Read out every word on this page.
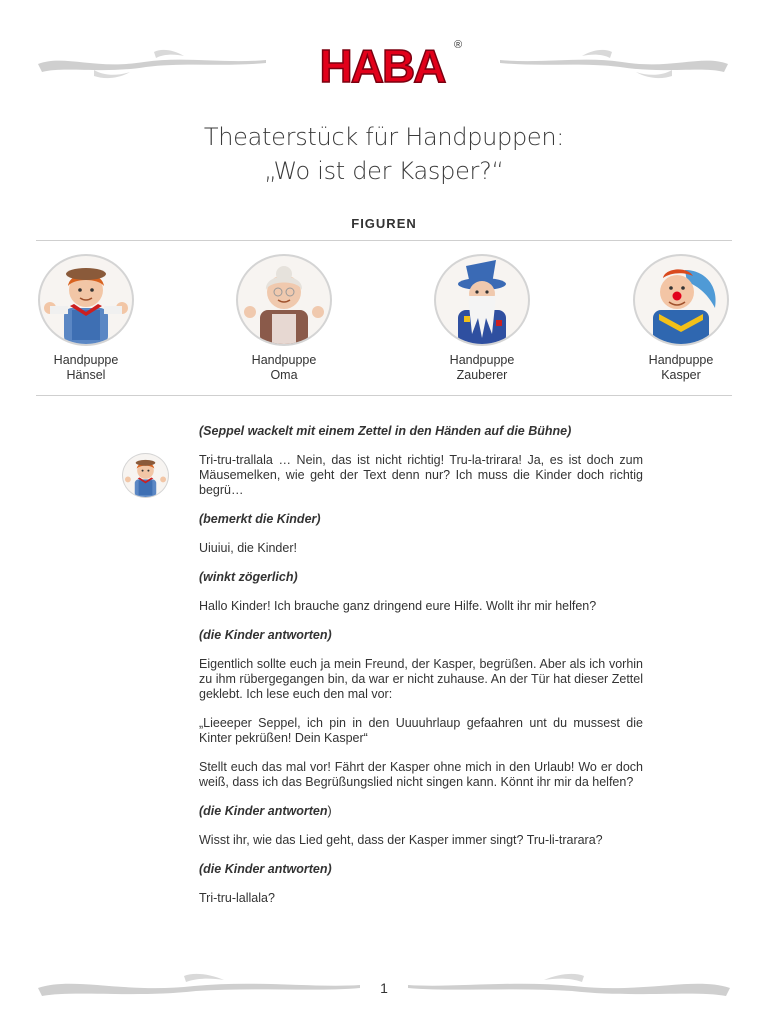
HABA ®
Theaterstück für Handpuppen:
„Wo ist der Kasper?“
FIGUREN
Handpuppe
Hänsel
Handpuppe
Oma
Handpuppe
Zauberer
Handpuppe
Kasper

(Seppel wackelt mit einem Zettel in den Händen auf die Bühne)

Tri-tru-trallala … Nein, das ist nicht richtig! Tru-la-trirara! Ja, es ist doch zum Mäusemelken, wie geht der Text denn nur? Ich muss die Kinder doch richtig begrü…

(bemerkt die Kinder)

Uiuiui, die Kinder!

(winkt zögerlich)

Hallo Kinder! Ich brauche ganz dringend eure Hilfe. Wollt ihr mir helfen?

(die Kinder antworten)

Eigentlich sollte euch ja mein Freund, der Kasper, begrüßen. Aber als ich vorhin zu ihm rübergegangen bin, da war er nicht zuhause. An der Tür hat dieser Zettel geklebt. Ich lese euch den mal vor:

„Lieeeper Seppel, ich pin in den Uuuuhrlaup gefaahren unt du mussest die Kinter pekrüßen! Dein Kasper“

Stellt euch das mal vor! Fährt der Kasper ohne mich in den Urlaub! Wo er doch weiß, dass ich das Begrüßungslied nicht singen kann. Könnt ihr mir da helfen?

(die Kinder antworten)

Wisst ihr, wie das Lied geht, dass der Kasper immer singt? Tru-li-trarara?

(die Kinder antworten)

Tri-tru-lallala?

1
